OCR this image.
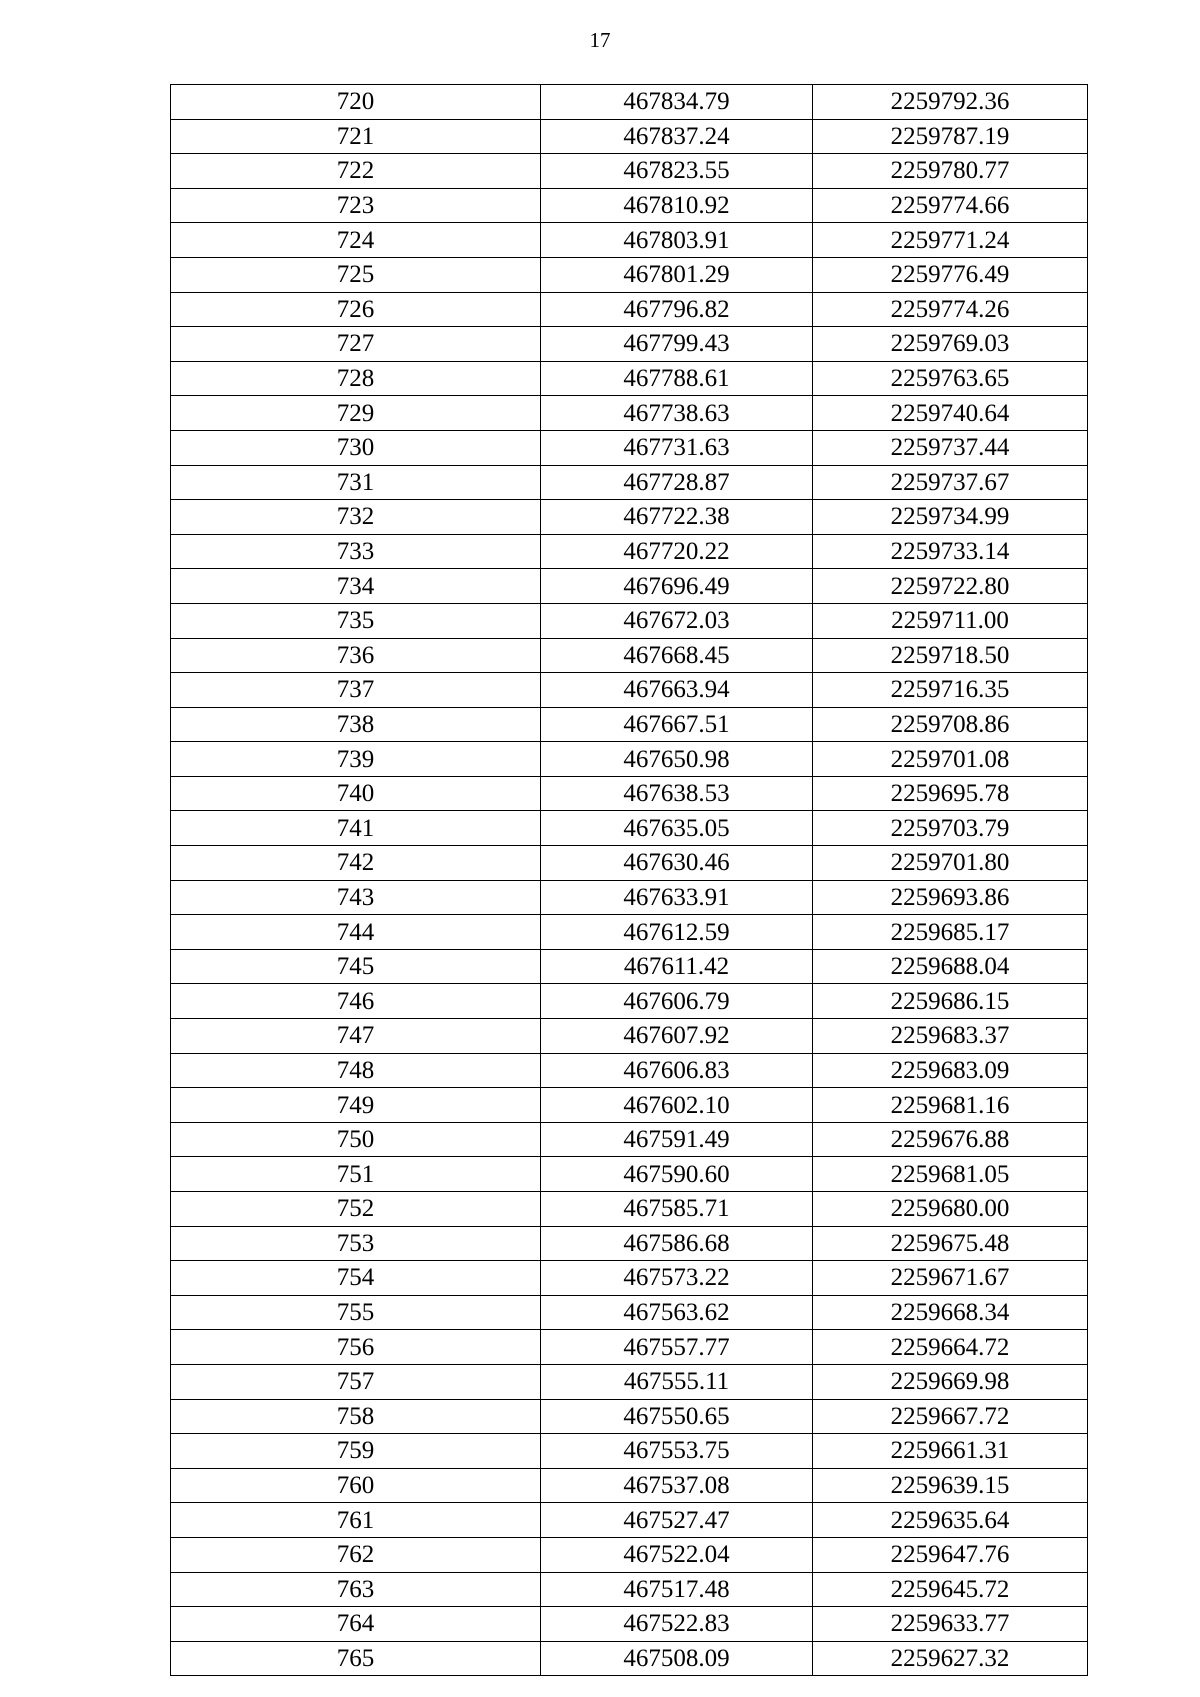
17
720	467834.79	2259792.36
721	467837.24	2259787.19
722	467823.55	2259780.77
723	467810.92	2259774.66
724	467803.91	2259771.24
725	467801.29	2259776.49
726	467796.82	2259774.26
727	467799.43	2259769.03
728	467788.61	2259763.65
729	467738.63	2259740.64
730	467731.63	2259737.44
731	467728.87	2259737.67
732	467722.38	2259734.99
733	467720.22	2259733.14
734	467696.49	2259722.80
735	467672.03	2259711.00
736	467668.45	2259718.50
737	467663.94	2259716.35
738	467667.51	2259708.86
739	467650.98	2259701.08
740	467638.53	2259695.78
741	467635.05	2259703.79
742	467630.46	2259701.80
743	467633.91	2259693.86
744	467612.59	2259685.17
745	467611.42	2259688.04
746	467606.79	2259686.15
747	467607.92	2259683.37
748	467606.83	2259683.09
749	467602.10	2259681.16
750	467591.49	2259676.88
751	467590.60	2259681.05
752	467585.71	2259680.00
753	467586.68	2259675.48
754	467573.22	2259671.67
755	467563.62	2259668.34
756	467557.77	2259664.72
757	467555.11	2259669.98
758	467550.65	2259667.72
759	467553.75	2259661.31
760	467537.08	2259639.15
761	467527.47	2259635.64
762	467522.04	2259647.76
763	467517.48	2259645.72
764	467522.83	2259633.77
765	467508.09	2259627.32
